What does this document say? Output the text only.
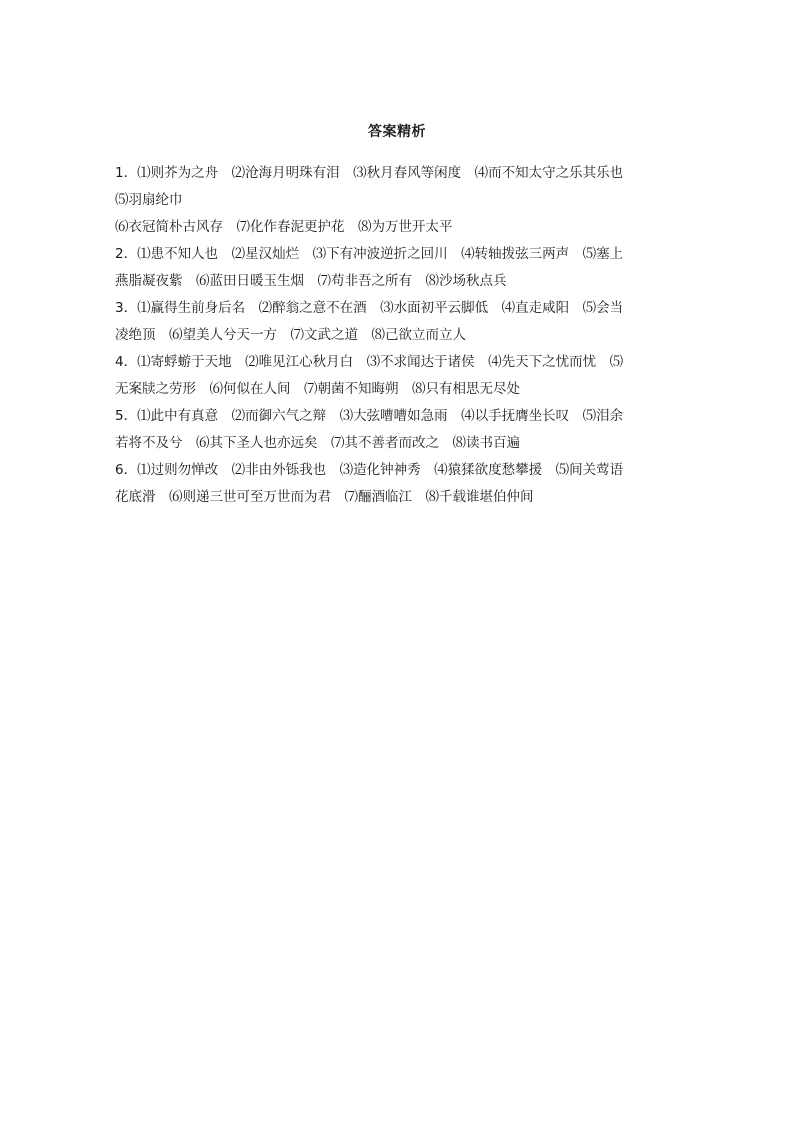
答案精析
1．⑴则芥为之舟　⑵沧海月明珠有泪　⑶秋月春风等闲度　⑷而不知太守之乐其乐也
⑸羽扇纶巾
⑹衣冠简朴古风存　⑺化作春泥更护花　⑻为万世开太平
2．⑴患不知人也　⑵星汉灿烂　⑶下有冲波逆折之回川　⑷转轴拨弦三两声　⑸塞上
燕脂凝夜紫　⑹蓝田日暖玉生烟　⑺苟非吾之所有　⑻沙场秋点兵
3．⑴赢得生前身后名　⑵醉翁之意不在酒　⑶水面初平云脚低　⑷直走咸阳　⑸会当
凌绝顶　⑹望美人兮天一方　⑺文武之道　⑻己欲立而立人
4．⑴寄蜉蝣于天地　⑵唯见江心秋月白　⑶不求闻达于诸侯　⑷先天下之忧而忧　⑸
无案牍之劳形　⑹何似在人间　⑺朝菌不知晦朔　⑻只有相思无尽处
5．⑴此中有真意　⑵而御六气之辩　⑶大弦嘈嘈如急雨　⑷以手抚膺坐长叹　⑸泪余
若将不及兮　⑹其下圣人也亦远矣　⑺其不善者而改之　⑻读书百遍
6．⑴过则勿惮改　⑵非由外铄我也　⑶造化钟神秀　⑷猿猱欲度愁攀援　⑸间关莺语
花底滑　⑹则递三世可至万世而为君　⑺酾酒临江　⑻千载谁堪伯仲间
